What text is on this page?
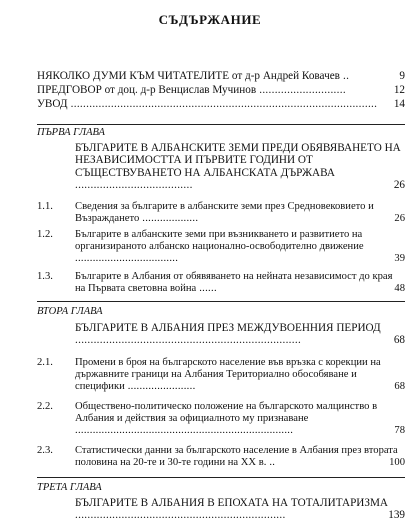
СЪДЪРЖАНИЕ
НЯКОЛКО ДУМИ КЪМ ЧИТАТЕЛИТЕ от д-р Андрей Ковачев ..	9
ПРЕДГОВОР от доц. д-р Венцислав Мучинов ............................	12
УВОД ................................................................................................... 14
ПЪРВА ГЛАВА
БЪЛГАРИТЕ В АЛБАНСКИТЕ ЗЕМИ ПРЕДИ ОБЯВЯВАНЕТО НА НЕЗАВИСИМОСТТА И ПЪРВИТЕ ГОДИНИ ОТ СЪЩЕСТВУВАНЕТО НА АЛБАНСКАТА ДЪРЖАВА ......................................	26
1.1. Сведения за българите в албанските земи през Средновековието и Възраждането ...................	26
1.2. Българите в албанските земи при възникването и развитието на организираното албанско национално-освободително движение ...................................	39
1.3. Българите в Албания от обявяването на нейната независимост до края на Първата световна война ......	48
ВТОРА ГЛАВА
БЪЛГАРИТЕ В АЛБАНИЯ ПРЕЗ МЕЖДУВОЕННИЯ ПЕРИОД .........................................................................	68
2.1. Промени в броя на българското население във връзка с корекции на държавните граници на Албания Териториално обособяване и специфики .......................	68
2.2. Обществено-политическо положение на българското малцинство в Албания и действия за официалното му признаване ..........................................................................	78
2.3. Статистически данни за българското население в Албания през втората половина на 20-те и 30-те години на XX в. ..	100
ТРЕТА ГЛАВА
БЪЛГАРИТЕ В АЛБАНИЯ В ЕПОХАТА НА ТОТАЛИТАРИЗМА ....................................................................	139
